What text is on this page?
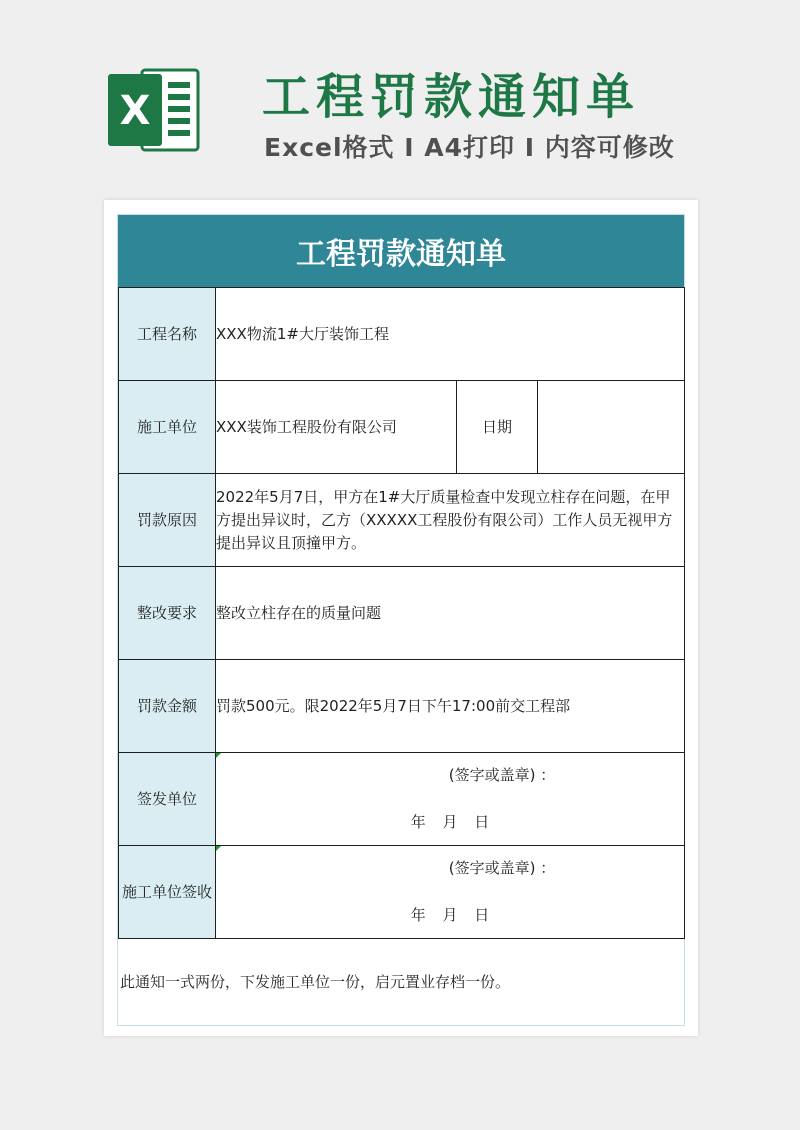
X 工程罚款通知单
Excel格式 I A4打印 I 内容可修改
工程罚款通知单
工程名称	XXX物流1#大厅装饰工程		
施工单位	XXX装饰工程股份有限公司	日期	
罚款原因	2022年5月7日，甲方在1#大厅质量检查中发现立柱存在问题，在甲方提出异议时，乙方（XXXXX工程股份有限公司）工作人员无视甲方提出异议且顶撞甲方。		
整改要求	整改立柱存在的质量问题		
罚款金额	罚款500元。限2022年5月7日下午17:00前交工程部		
签发单位	(签字或盖章) ：
年 月 日		

施工单位签收	(签字或盖章) ：
年 月 日		
此通知一式两份，下发施工单位一份，启元置业存档一份。
